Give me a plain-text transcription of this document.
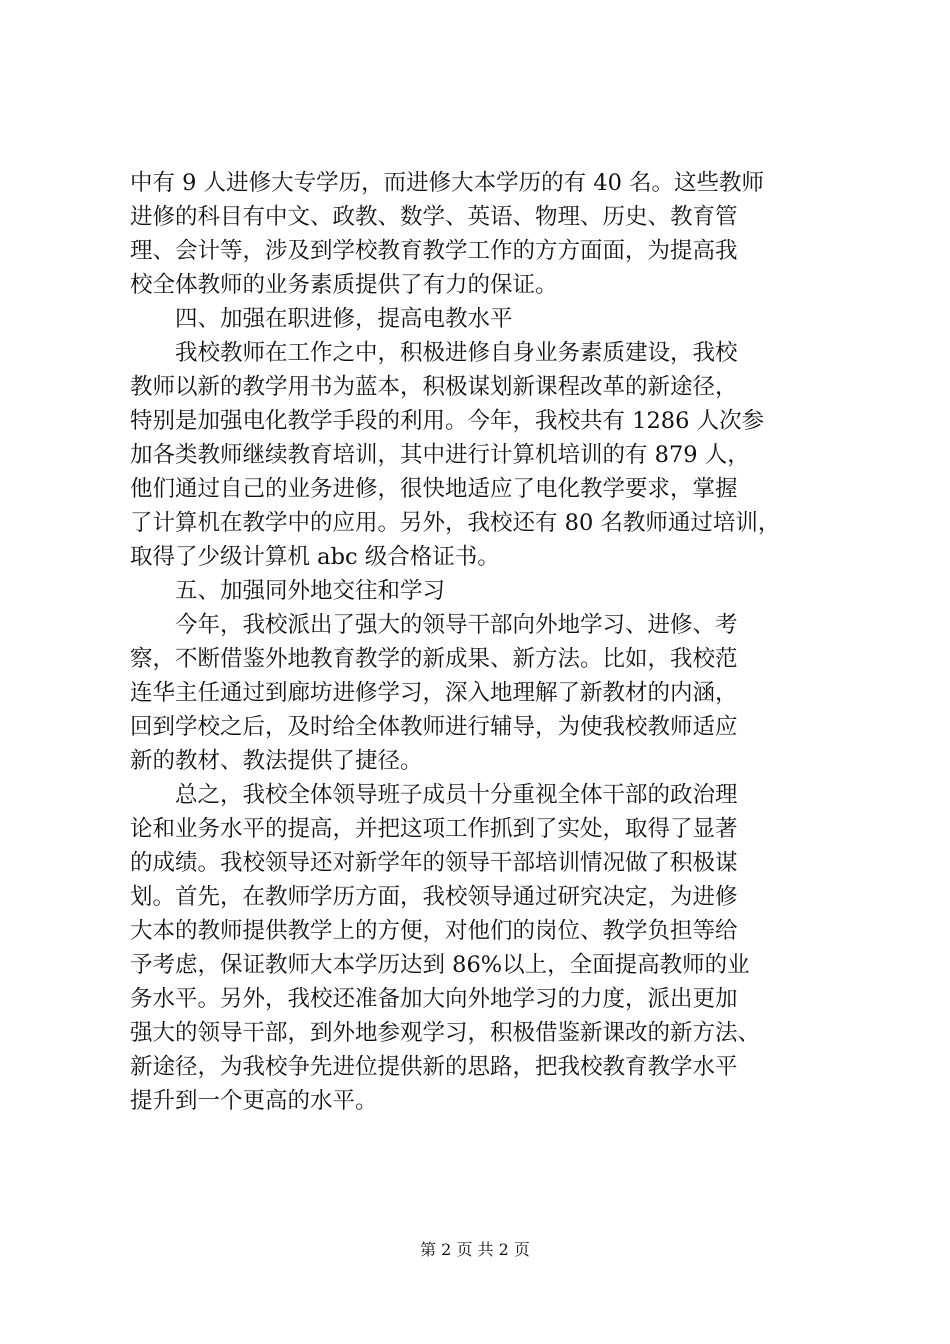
中有 9 人进修大专学历，而进修大本学历的有 40 名。这些教师
进修的科目有中文、政教、数学、英语、物理、历史、教育管
理、会计等，涉及到学校教育教学工作的方方面面，为提高我
校全体教师的业务素质提供了有力的保证。
四、加强在职进修，提高电教水平
我校教师在工作之中，积极进修自身业务素质建设，我校
教师以新的教学用书为蓝本，积极谋划新课程改革的新途径，
特别是加强电化教学手段的利用。今年，我校共有 1286 人次参
加各类教师继续教育培训，其中进行计算机培训的有 879 人，
他们通过自己的业务进修，很快地适应了电化教学要求，掌握
了计算机在教学中的应用。另外，我校还有 80 名教师通过培训，
取得了少级计算机 abc 级合格证书。
五、加强同外地交往和学习
今年，我校派出了强大的领导干部向外地学习、进修、考
察，不断借鉴外地教育教学的新成果、新方法。比如，我校范
连华主任通过到廊坊进修学习，深入地理解了新教材的内涵，
回到学校之后，及时给全体教师进行辅导，为使我校教师适应
新的教材、教法提供了捷径。
总之，我校全体领导班子成员十分重视全体干部的政治理
论和业务水平的提高，并把这项工作抓到了实处，取得了显著
的成绩。我校领导还对新学年的领导干部培训情况做了积极谋
划。首先，在教师学历方面，我校领导通过研究决定，为进修
大本的教师提供教学上的方便，对他们的岗位、教学负担等给
予考虑，保证教师大本学历达到 86%以上，全面提高教师的业
务水平。另外，我校还准备加大向外地学习的力度，派出更加
强大的领导干部，到外地参观学习，积极借鉴新课改的新方法、
新途径，为我校争先进位提供新的思路，把我校教育教学水平
提升到一个更高的水平。
第 2 页 共 2 页
